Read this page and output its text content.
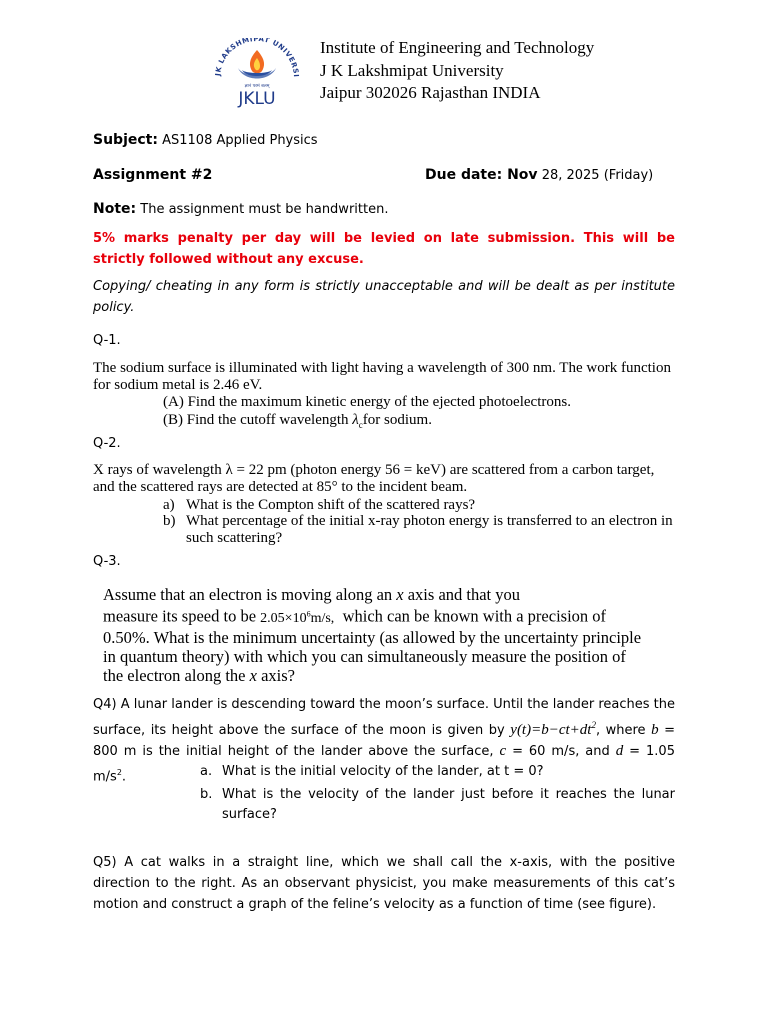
JK LAKSHMIPAT UNIVERSI
ज्ञानं परमं बलम्
JKLU
Institute of Engineering and Technology
J K Lakshmipat University
Jaipur 302026 Rajasthan INDIA
Subject: AS1108 Applied Physics
Assignment #2	Due date: Nov 28, 2025 (Friday)
Note: The assignment must be handwritten.
5% marks penalty per day will be levied on late submission. This will be strictly followed without any excuse.
Copying/ cheating in any form is strictly unacceptable and will be dealt as per institute policy.
Q-1.
The sodium surface is illuminated with light having a wavelength of 300 nm. The work function for sodium metal is 2.46 eV.
(A) Find the maximum kinetic energy of the ejected photoelectrons.
(B) Find the cutoff wavelength $\lambda_cfor$ sodium.
Q-2.
X rays of wavelength λ = 22 pm (photon energy 56 = keV) are scattered from a carbon target, and the scattered rays are detected at 85° to the incident beam.
a) What is the Compton shift of the scattered rays?
b) What percentage of the initial x-ray photon energy is transferred to an electron in such scattering?
Q-3.
Assume that an electron is moving along an x axis and that you
measure its speed to be $2.05\times 10^6m/s$, which can be known with a precision of
0.50%. What is the minimum uncertainty (as allowed by the uncertainty principle
in quantum theory) with which you can simultaneously measure the position of
the electron along the x axis?
Q4) A lunar lander is descending toward the moon’s surface. Until the lander reaches the surface, its height above the surface of the moon is given by $y(t)=b-ct+dt^2$, where b = 800 m is the initial height of the lander above the surface, c = 60 m/s, and d = 1.05 $m/s^2$.	a. What is the initial velocity of the lander, at t = 0?
b. What is the velocity of the lander just before it reaches the lunar surface?
Q5) A cat walks in a straight line, which we shall call the x-axis, with the positive direction to the right. As an observant physicist, you make measurements of this cat’s motion and construct a graph of the feline’s velocity as a function of time (see figure).
